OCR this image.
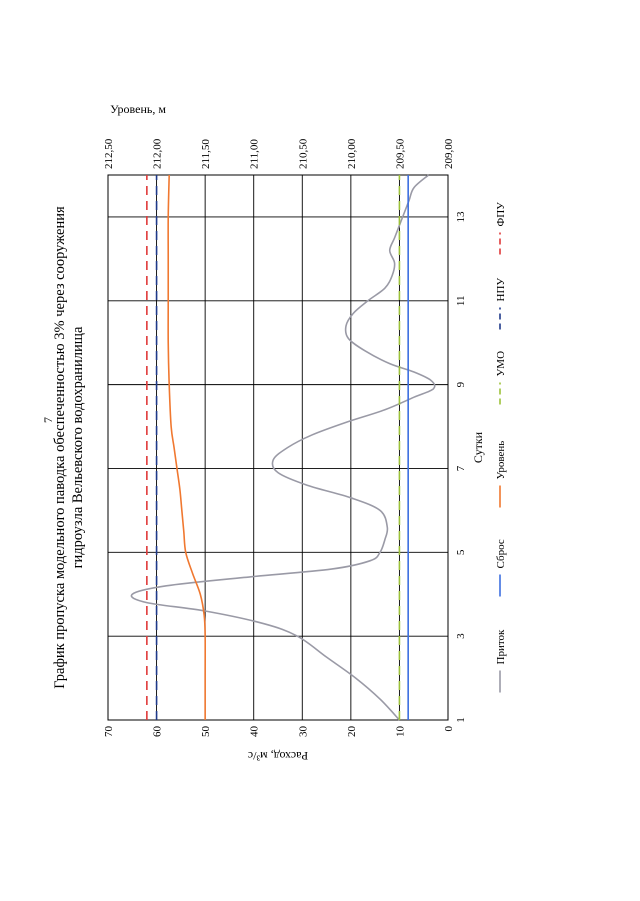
7
0
10
20
30
40
50
60
70
1
3
5
7
9
11
13
209,00
209,50
210,00
210,50
211,00
211,50
212,00
212,50
Сутки
Расход, м³/с
Уровень, м
График пропуска модельного паводка обеспеченностью 3% через сооружения гидроузла Вельевского водохранилища
Приток
Сброс
Уровень
УМО
НПУ
ФПУ
